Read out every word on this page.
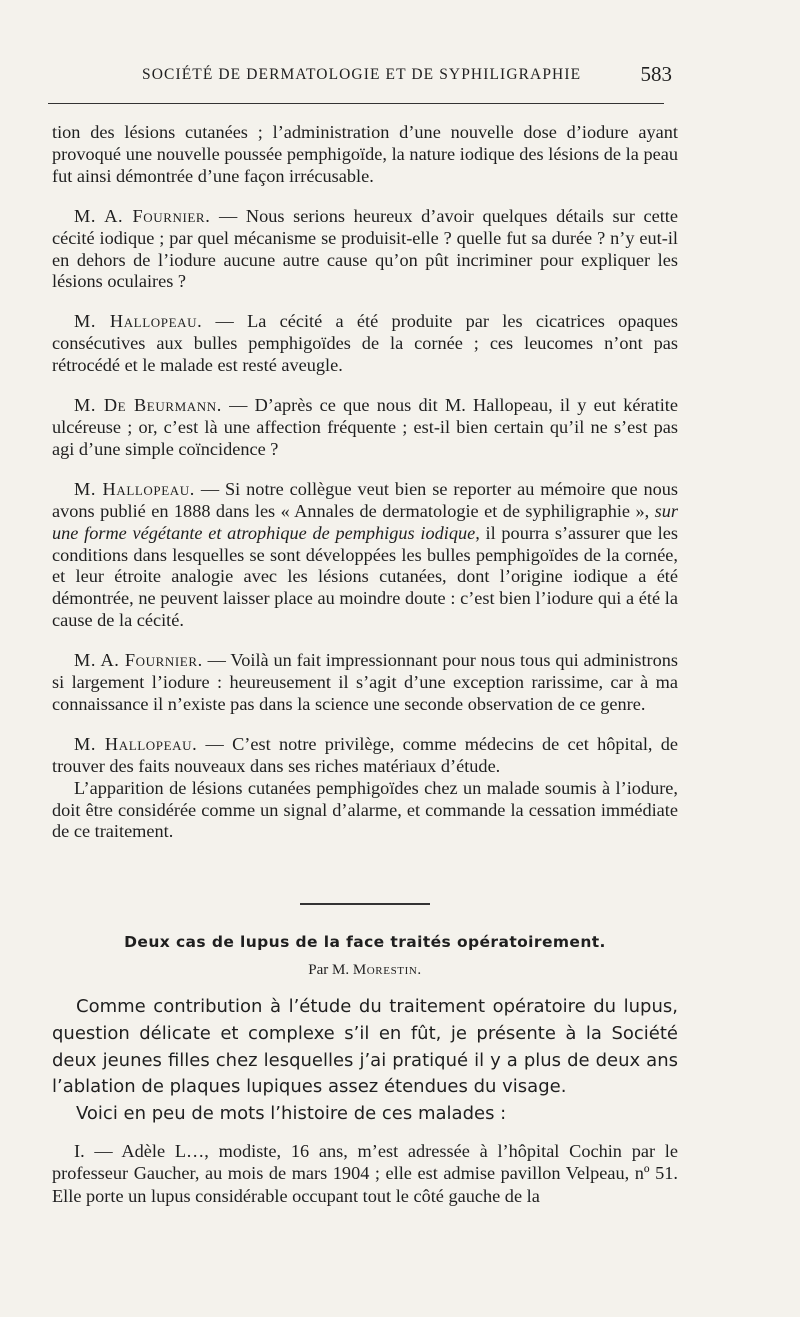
SOCIÉTÉ DE DERMATOLOGIE ET DE SYPHILIGRAPHIE	583

tion des lésions cutanées ; l’administration d’une nouvelle dose d’iodure ayant provoqué une nouvelle poussée pemphigoïde, la nature iodique des lésions de la peau fut ainsi démontrée d’une façon irrécusable.

M. A. Fournier. — Nous serions heureux d’avoir quelques détails sur cette cécité iodique ; par quel mécanisme se produisit-elle ? quelle fut sa durée ? n’y eut-il en dehors de l’iodure aucune autre cause qu’on pût incriminer pour expliquer les lésions oculaires ?

M. Hallopeau. — La cécité a été produite par les cicatrices opaques consécutives aux bulles pemphigoïdes de la cornée ; ces leucomes n’ont pas rétrocédé et le malade est resté aveugle.

M. De Beurmann. — D’après ce que nous dit M. Hallopeau, il y eut kératite ulcéreuse ; or, c’est là une affection fréquente ; est-il bien certain qu’il ne s’est pas agi d’une simple coïncidence ?

M. Hallopeau. — Si notre collègue veut bien se reporter au mémoire que nous avons publié en 1888 dans les « Annales de dermatologie et de syphiligraphie », sur une forme végétante et atrophique de pemphigus iodique, il pourra s’assurer que les conditions dans lesquelles se sont développées les bulles pemphigoïdes de la cornée, et leur étroite analogie avec les lésions cutanées, dont l’origine iodique a été démontrée, ne peuvent laisser place au moindre doute : c’est bien l’iodure qui a été la cause de la cécité.

M. A. Fournier. — Voilà un fait impressionnant pour nous tous qui administrons si largement l’iodure : heureusement il s’agit d’une exception rarissime, car à ma connaissance il n’existe pas dans la science une seconde observation de ce genre.

M. Hallopeau. — C’est notre privilège, comme médecins de cet hôpital, de trouver des faits nouveaux dans ses riches matériaux d’étude.

L’apparition de lésions cutanées pemphigoïdes chez un malade soumis à l’iodure, doit être considérée comme un signal d’alarme, et commande la cessation immédiate de ce traitement.

Deux cas de lupus de la face traités opératoirement.
Par M. Morestin.

Comme contribution à l’étude du traitement opératoire du lupus, question délicate et complexe s’il en fût, je présente à la Société deux jeunes filles chez lesquelles j’ai pratiqué il y a plus de deux ans l’ablation de plaques lupiques assez étendues du visage.

Voici en peu de mots l’histoire de ces malades :

I. — Adèle L…, modiste, 16 ans, m’est adressée à l’hôpital Cochin par le professeur Gaucher, au mois de mars 1904 ; elle est admise pavillon Velpeau, nº 51. Elle porte un lupus considérable occupant tout le côté gauche de la
